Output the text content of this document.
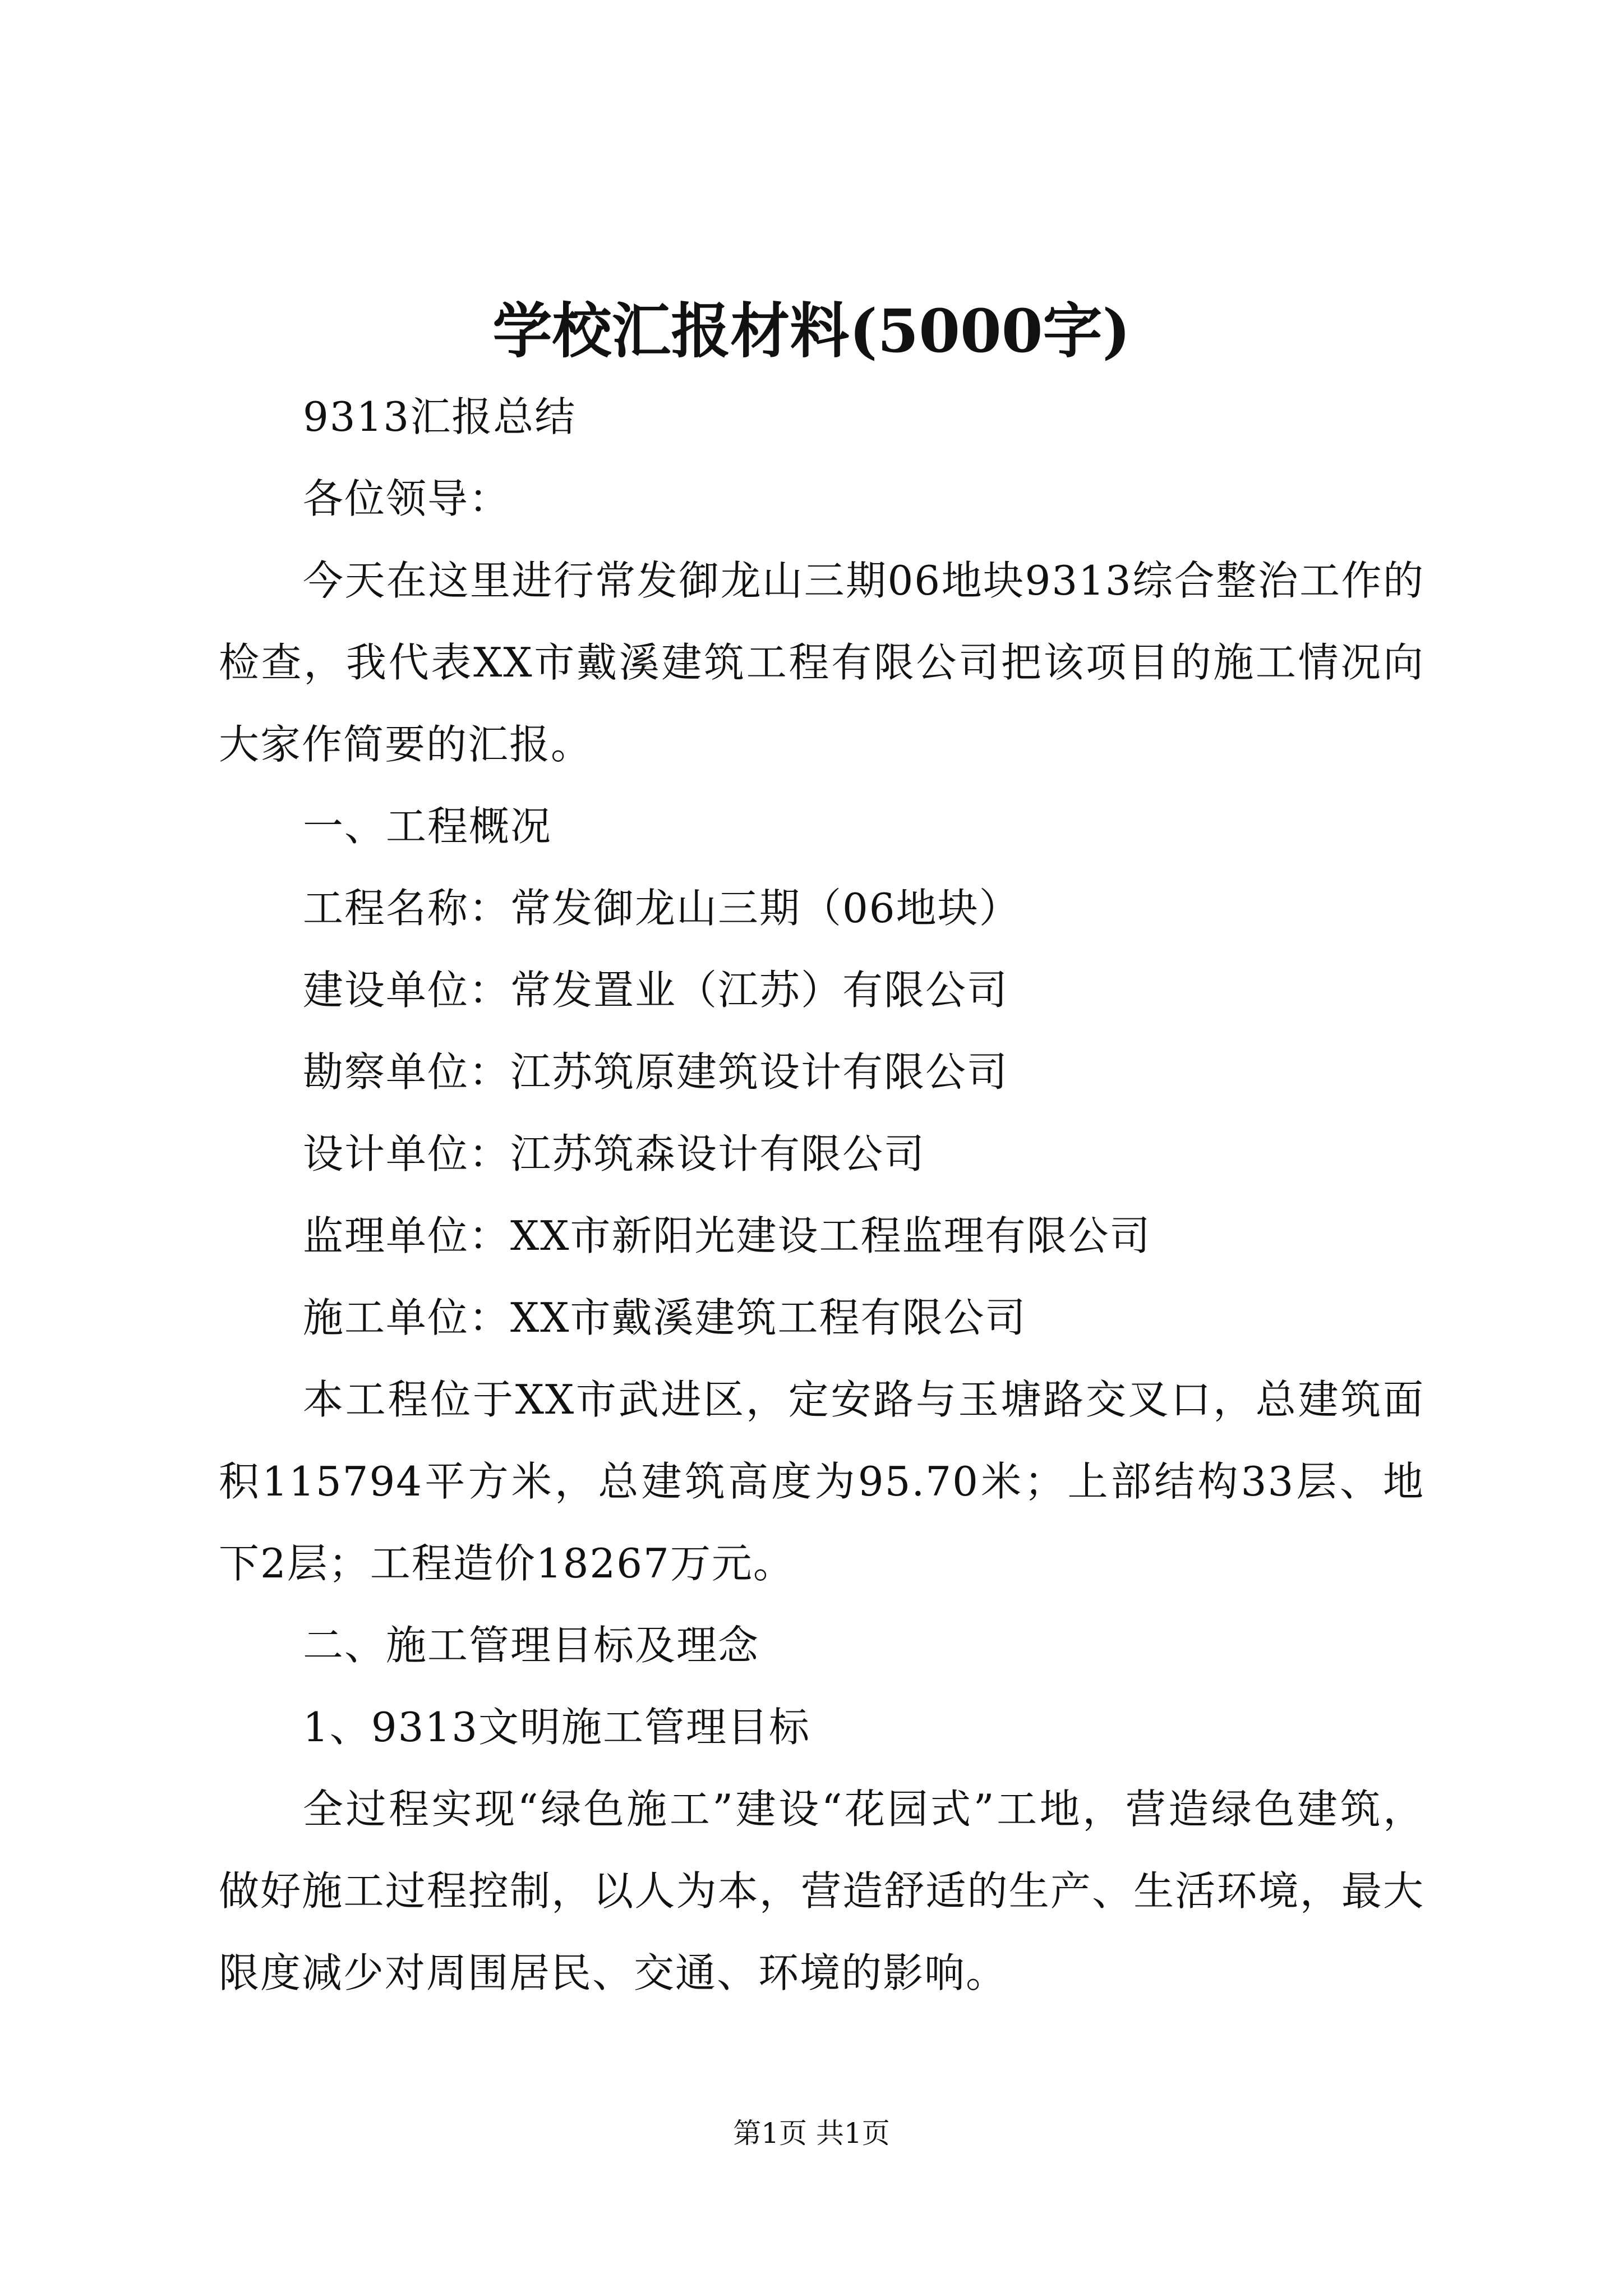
学校汇报材料(5000字)

9313汇报总结

各位领导：

今天在这里进行常发御龙山三期06地块9313综合整治工作的检查，我代表XX市戴溪建筑工程有限公司把该项目的施工情况向大家作简要的汇报。

一、工程概况

工程名称：常发御龙山三期（06地块）

建设单位：常发置业（江苏）有限公司

勘察单位：江苏筑原建筑设计有限公司

设计单位：江苏筑森设计有限公司

监理单位：XX市新阳光建设工程监理有限公司

施工单位：XX市戴溪建筑工程有限公司

本工程位于XX市武进区，定安路与玉塘路交叉口，总建筑面积115794平方米，总建筑高度为95.70米；上部结构33层、地下2层；工程造价18267万元。

二、施工管理目标及理念

1、9313文明施工管理目标

全过程实现“绿色施工”建设“花园式”工地，营造绿色建筑，做好施工过程控制，以人为本，营造舒适的生产、生活环境，最大限度减少对周围居民、交通、环境的影响。

第1页 共1页
